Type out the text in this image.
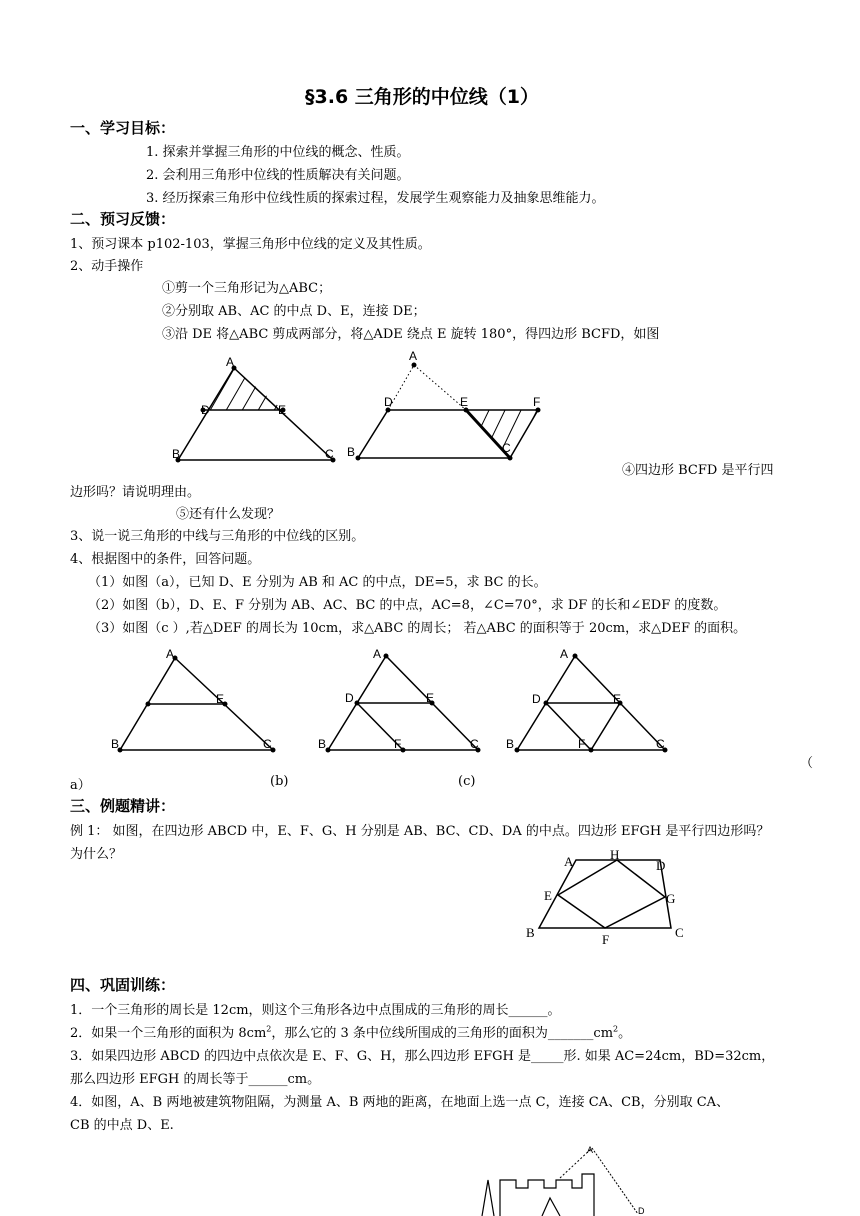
§3.6 三角形的中位线（1）
一、学习目标：
1. 探索并掌握三角形的中位线的概念、性质。
2. 会利用三角形中位线的性质解决有关问题。
3. 经历探索三角形中位线性质的探索过程，发展学生观察能力及抽象思维能力。
二、预习反馈：
1、预习课本 p102-103，掌握三角形中位线的定义及其性质。
2、动手操作
①剪一个三角形记为△ABC；
②分别取 AB、AC 的中点 D、E，连接 DE；
③沿 DE 将△ABC 剪成两部分，将△ADE 绕点 E 旋转 180°，得四边形 BCFD，如图
A
D	E
B	C
A
D	E	F
B	C
④四边形 BCFD 是平行四
边形吗？请说明理由。
⑤还有什么发现？
3、说一说三角形的中线与三角形的中位线的区别。
4、根据图中的条件，回答问题。
（1）如图（a），已知 D、E 分别为 AB 和 AC 的中点，DE=5，求 BC 的长。
（2）如图（b），D、E、F 分别为 AB、AC、BC 的中点，AC=8，∠C=70°，求 DF 的长和∠EDF 的度数。
（3）如图（c ）,若△DEF 的周长为 10cm，求△ABC 的周长； 若△ABC 的面积等于 20cm，求△DEF 的面积。
A
E
B	C
A
D	E
B	F	C
A
D	E
B	F	C
（
a）	(b)	(c)
三、例题精讲：
例 1： 如图，在四边形 ABCD 中，E、F、G、H 分别是 AB、BC、CD、DA 的中点。四边形 EFGH 是平行四边形吗？
为什么？	A	H
D
E	G
B	F	C
四、巩固训练：
1．一个三角形的周长是 12cm，则这个三角形各边中点围成的三角形的周长______。
2．如果一个三角形的面积为 $8cm^2$，那么它的 3 条中位线所围成的三角形的面积为$\_\_\_\_\_\_\_cm^2$。
3．如果四边形 ABCD 的四边中点依次是 E、F、G、H，那么四边形 EFGH 是_____形. 如果 AC=24cm，BD=32cm，
那么四边形 EFGH 的周长等于______cm。
4．如图，A、B 两地被建筑物阻隔，为测量 A、B 两地的距离，在地面上选一点 C，连接 CA、CB，分别取 CA、
CB 的中点 D、E.
A
D
